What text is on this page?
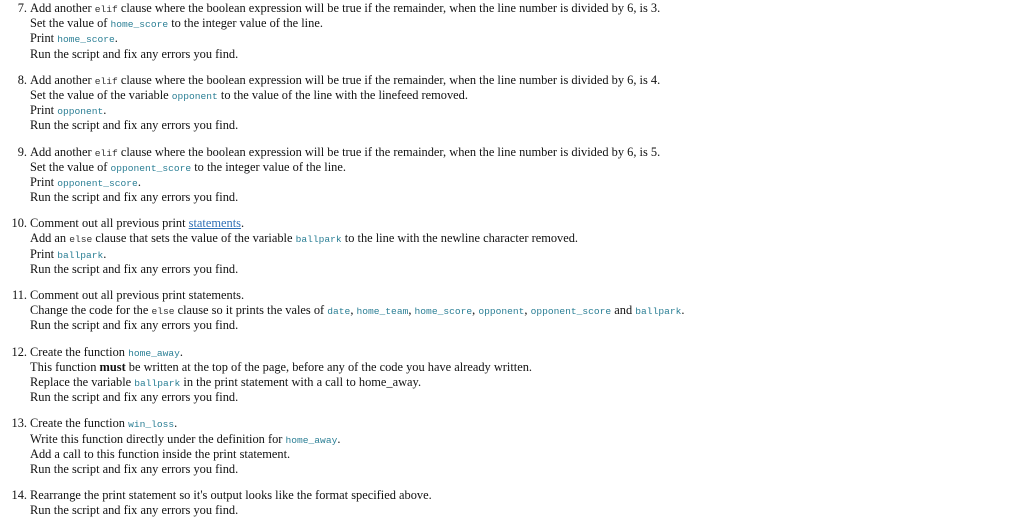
7. Add another elif clause where the boolean expression will be true if the remainder, when the line number is divided by 6, is 3.
Set the value of home_score to the integer value of the line.
Print home_score.
Run the script and fix any errors you find.
8. Add another elif clause where the boolean expression will be true if the remainder, when the line number is divided by 6, is 4.
Set the value of the variable opponent to the value of the line with the linefeed removed.
Print opponent.
Run the script and fix any errors you find.
9. Add another elif clause where the boolean expression will be true if the remainder, when the line number is divided by 6, is 5.
Set the value of opponent_score to the integer value of the line.
Print opponent_score.
Run the script and fix any errors you find.
10. Comment out all previous print statements.
Add an else clause that sets the value of the variable ballpark to the line with the newline character removed.
Print ballpark.
Run the script and fix any errors you find.
11. Comment out all previous print statements.
Change the code for the else clause so it prints the vales of date, home_team, home_score, opponent, opponent_score and ballpark.
Run the script and fix any errors you find.
12. Create the function home_away.
This function must be written at the top of the page, before any of the code you have already written.
Replace the variable ballpark in the print statement with a call to home_away.
Run the script and fix any errors you find.
13. Create the function win_loss.
Write this function directly under the definition for home_away.
Add a call to this function inside the print statement.
Run the script and fix any errors you find.
14. Rearrange the print statement so it's output looks like the format specified above.
Run the script and fix any errors you find.
